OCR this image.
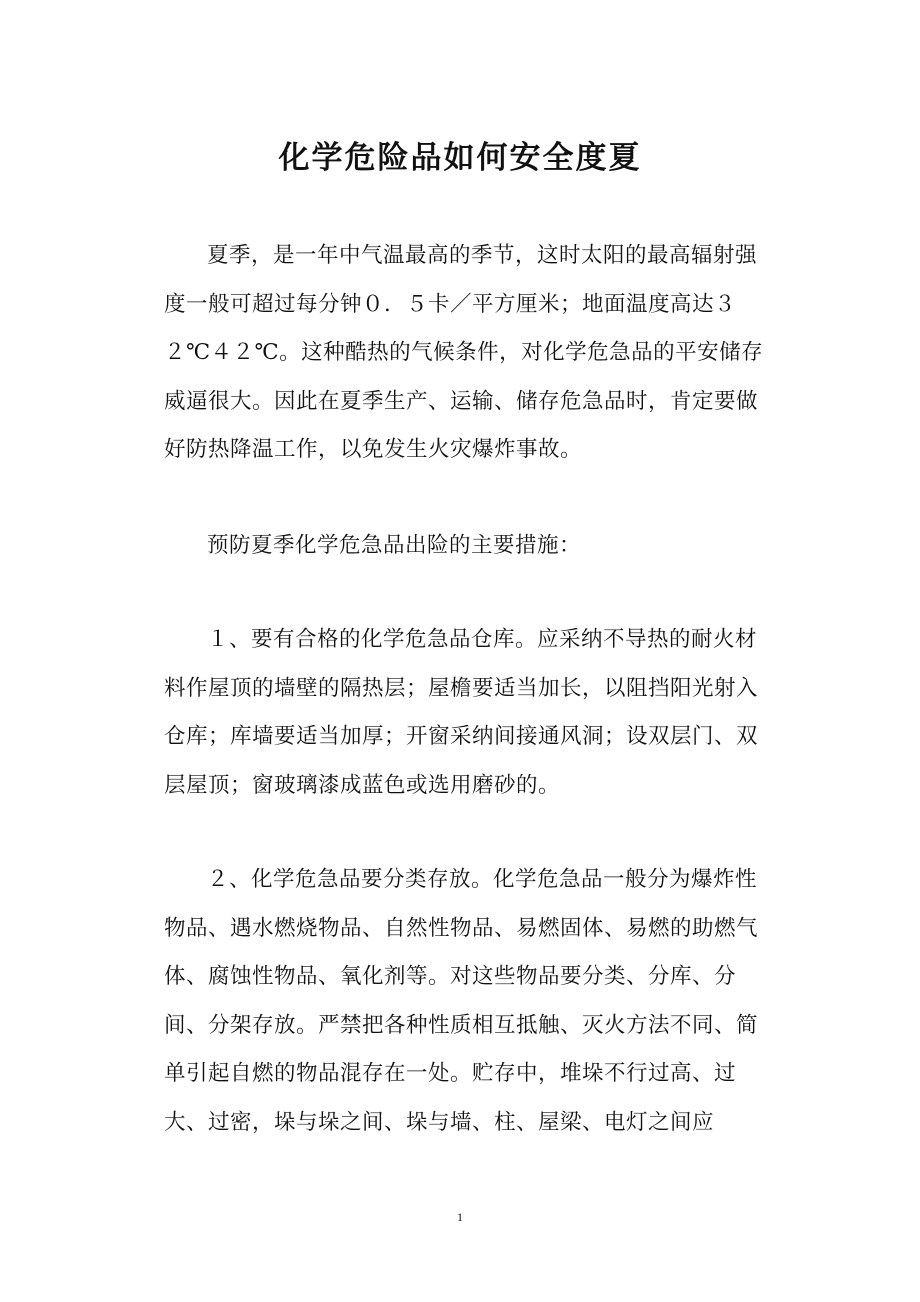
化学危险品如何安全度夏

夏季，是一年中气温最高的季节，这时太阳的最高辐射强度一般可超过每分钟０．５卡／平方厘米；地面温度高达３２℃４２℃。这种酷热的气候条件，对化学危急品的平安储存威逼很大。因此在夏季生产、运输、储存危急品时，肯定要做好防热降温工作，以免发生火灾爆炸事故。

预防夏季化学危急品出险的主要措施：

１、要有合格的化学危急品仓库。应采纳不导热的耐火材料作屋顶的墙壁的隔热层；屋檐要适当加长，以阻挡阳光射入仓库；库墙要适当加厚；开窗采纳间接通风洞；设双层门、双层屋顶；窗玻璃漆成蓝色或选用磨砂的。

２、化学危急品要分类存放。化学危急品一般分为爆炸性物品、遇水燃烧物品、自然性物品、易燃固体、易燃的助燃气体、腐蚀性物品、氧化剂等。对这些物品要分类、分库、分间、分架存放。严禁把各种性质相互抵触、灭火方法不同、简单引起自燃的物品混存在一处。贮存中，堆垛不行过高、过大、过密，垛与垛之间、垛与墙、柱、屋梁、电灯之间应

1
